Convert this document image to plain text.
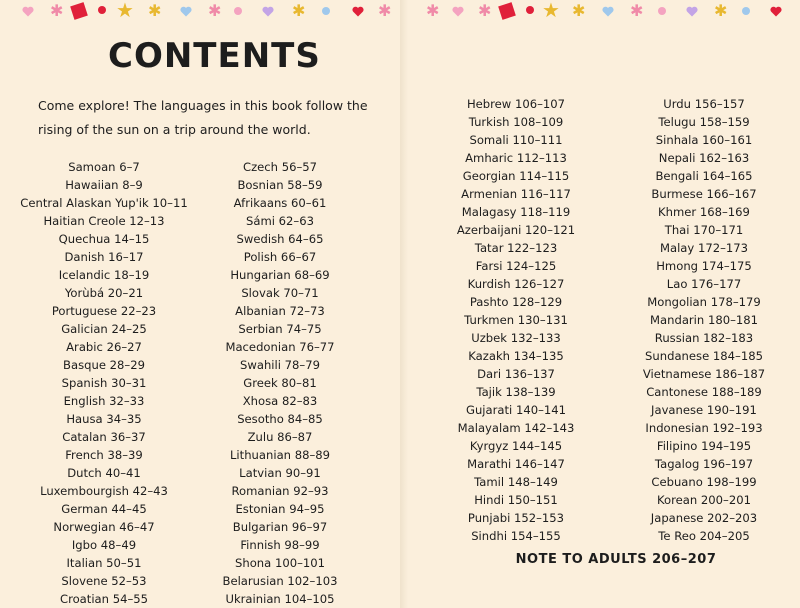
✱	★ ✱	✱	✱	✱
CONTENTS

Come explore! The languages in this book follow the rising of the sun on a trip around the world.

Samoan 6–7
Hawaiian 8–9
Central Alaskan Yup'ik 10–11
Haitian Creole 12–13
Quechua 14–15
Danish 16–17
Icelandic 18–19
Yorùbá 20–21
Portuguese 22–23
Galician 24–25
Arabic 26–27
Basque 28–29
Spanish 30–31
English 32–33
Hausa 34–35
Catalan 36–37
French 38–39
Dutch 40–41
Luxembourgish 42–43
German 44–45
Norwegian 46–47
Igbo 48–49
Italian 50–51
Slovene 52–53
Croatian 54–55
Czech 56–57
Bosnian 58–59
Afrikaans 60–61
Sámi 62–63
Swedish 64–65
Polish 66–67
Hungarian 68–69
Slovak 70–71
Albanian 72–73
Serbian 74–75
Macedonian 76–77
Swahili 78–79
Greek 80–81
Xhosa 82–83
Sesotho 84–85
Zulu 86–87
Lithuanian 88–89
Latvian 90–91
Romanian 92–93
Estonian 94–95
Bulgarian 96–97
Finnish 98–99
Shona 100–101
Belarusian 102–103
Ukrainian 104–105
✱ ✱	★ ✱	✱	✱
Hebrew 106–107
Turkish 108–109
Somali 110–111
Amharic 112–113
Georgian 114–115
Armenian 116–117
Malagasy 118–119
Azerbaijani 120–121
Tatar 122–123
Farsi 124–125
Kurdish 126–127
Pashto 128–129
Turkmen 130–131
Uzbek 132–133
Kazakh 134–135
Dari 136–137
Tajik 138–139
Gujarati 140–141
Malayalam 142–143
Kyrgyz 144–145
Marathi 146–147
Tamil 148–149
Hindi 150–151
Punjabi 152–153
Sindhi 154–155
Urdu 156–157
Telugu 158–159
Sinhala 160–161
Nepali 162–163
Bengali 164–165
Burmese 166–167
Khmer 168–169
Thai 170–171
Malay 172–173
Hmong 174–175
Lao 176–177
Mongolian 178–179
Mandarin 180–181
Russian 182–183
Sundanese 184–185
Vietnamese 186–187
Cantonese 188–189
Javanese 190–191
Indonesian 192–193
Filipino 194–195
Tagalog 196–197
Cebuano 198–199
Korean 200–201
Japanese 202–203
Te Reo 204–205

NOTE TO ADULTS 206–207
